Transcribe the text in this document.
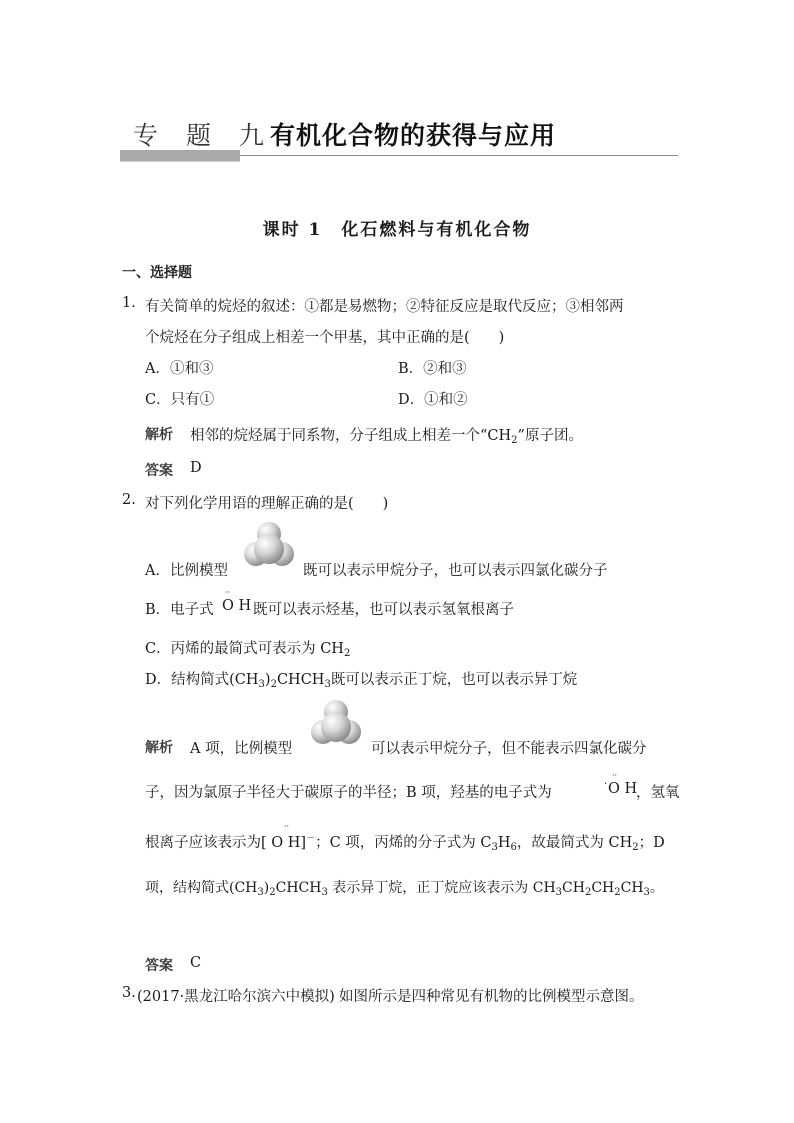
专 题 九
有机化合物的获得与应用
课时 1　化石燃料与有机化合物
一、选择题
1. 有关简单的烷烃的叙述：①都是易燃物；②特征反应是取代反应；③相邻两
个烷烃在分子组成上相差一个甲基，其中正确的是(　　)
A．①和③	B．②和③
C．只有①	D．①和②
解析 相邻的烷烃属于同系物，分子组成上相差一个“$CH_2$”原子团。
答案 D
2. 对下列化学用语的理解正确的是(　　)
A．比例模型	既可以表示甲烷分子，也可以表示四氯化碳分子
B．电子式
··
O H 既可以表示烃基，也可以表示氢氧根离子
C．丙烯的最简式可表示为 $CH_2$
D．结构简式$(CH_3)_2CHCH_3$既可以表示正丁烷，也可以表示异丁烷
解析 A 项，比例模型	可以表示甲烷分子，但不能表示四氯化碳分
子，因为氯原子半径大于碳原子的半径；B 项，羟基的电子式为
·
··
O H
，氢氧
··
根离子应该表示为[ O H]－；C 项，丙烯的分子式为 $C_3H_6$，故最简式为 $CH_2$；D
项，结构简式$(CH_3)_2CHCH_3$ 表示异丁烷，正丁烷应该表示为 $CH_3CH_2CH_2CH_3$。
答案 C
3. (2017·黑龙江哈尔滨六中模拟) 如图所示是四种常见有机物的比例模型示意图。
